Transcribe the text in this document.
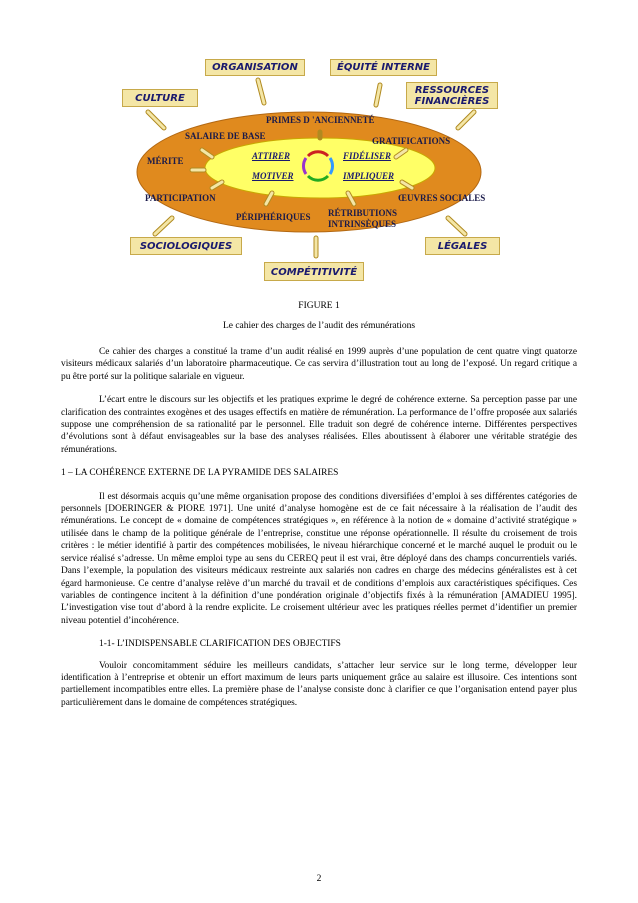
ORGANISATION	ÉQUITÉ INTERNE
CULTURE
RESSOURCES
FINANCIÈRES
SOCIOLOGIQUES	LÉGALES
COMPÉTITIVITÉ
PRIMES D 'ANCIENNETÉ
SALAIRE DE BASE	GRATIFICATIONS
MÉRITE
PARTICIPATION	ŒUVRES SOCIALES
PÉRIPHÉRIQUES RÉTRIBUTIONS
INTRINSÈQUES
ATTIRER	FIDÉLISER
MOTIVER	IMPLIQUER
FIGURE 1
Le cahier des charges de l’audit des rémunérations

Ce cahier des charges a constitué la trame d’un audit réalisé en 1999 auprès d’une population de cent quatre vingt quatorze visiteurs médicaux salariés d’un laboratoire pharmaceutique. Ce cas servira d’illustration tout au long de l’exposé. Un regard critique a pu être porté sur la politique salariale en vigueur.

L’écart entre le discours sur les objectifs et les pratiques exprime le degré de cohérence externe. Sa perception passe par une clarification des contraintes exogènes et des usages effectifs en matière de rémunération. La performance de l’offre proposée aux salariés suppose une compréhension de sa rationalité par le personnel. Elle traduit son degré de cohérence interne. Différentes perspectives d’évolutions sont à défaut envisageables sur la base des analyses réalisées. Elles aboutissent à élaborer une véritable stratégie des rémunérations.

1 – LA COHÉRENCE EXTERNE DE LA PYRAMIDE DES SALAIRES

Il est désormais acquis qu’une même organisation propose des conditions diversifiées d’emploi à ses différentes catégories de personnels [DOERINGER & PIORE 1971]. Une unité d’analyse homogène est de ce fait nécessaire à la réalisation de l’audit des rémunérations. Le concept de « domaine de compétences stratégiques », en référence à la notion de « domaine d’activité stratégique » utilisée dans le champ de la politique générale de l’entreprise, constitue une réponse opérationnelle. Il résulte du croisement de trois critères : le métier identifié à partir des compétences mobilisées, le niveau hiérarchique concerné et le marché auquel le produit ou le service réalisé s’adresse. Un même emploi type au sens du CEREQ peut il est vrai, être déployé dans des champs concurrentiels variés. Dans l’exemple, la population des visiteurs médicaux restreinte aux salariés non cadres en charge des médecins généralistes est à cet égard harmonieuse. Ce centre d’analyse relève d’un marché du travail et de conditions d’emplois aux caractéristiques spécifiques. Ces variables de contingence incitent à la définition d’une pondération originale d’objectifs fixés à la rémunération [AMADIEU 1995]. L’investigation vise tout d’abord à la rendre explicite. Le croisement ultérieur avec les pratiques réelles permet d’identifier un premier niveau potentiel d’incohérence.

1-1- L’INDISPENSABLE CLARIFICATION DES OBJECTIFS

Vouloir concomitamment séduire les meilleurs candidats, s’attacher leur service sur le long terme, développer leur identification à l’entreprise et obtenir un effort maximum de leurs parts uniquement grâce au salaire est illusoire. Ces intentions sont partiellement incompatibles entre elles. La première phase de l’analyse consiste donc à clarifier ce que l’organisation entend payer plus particulièrement dans le domaine de compétences stratégiques.

2
